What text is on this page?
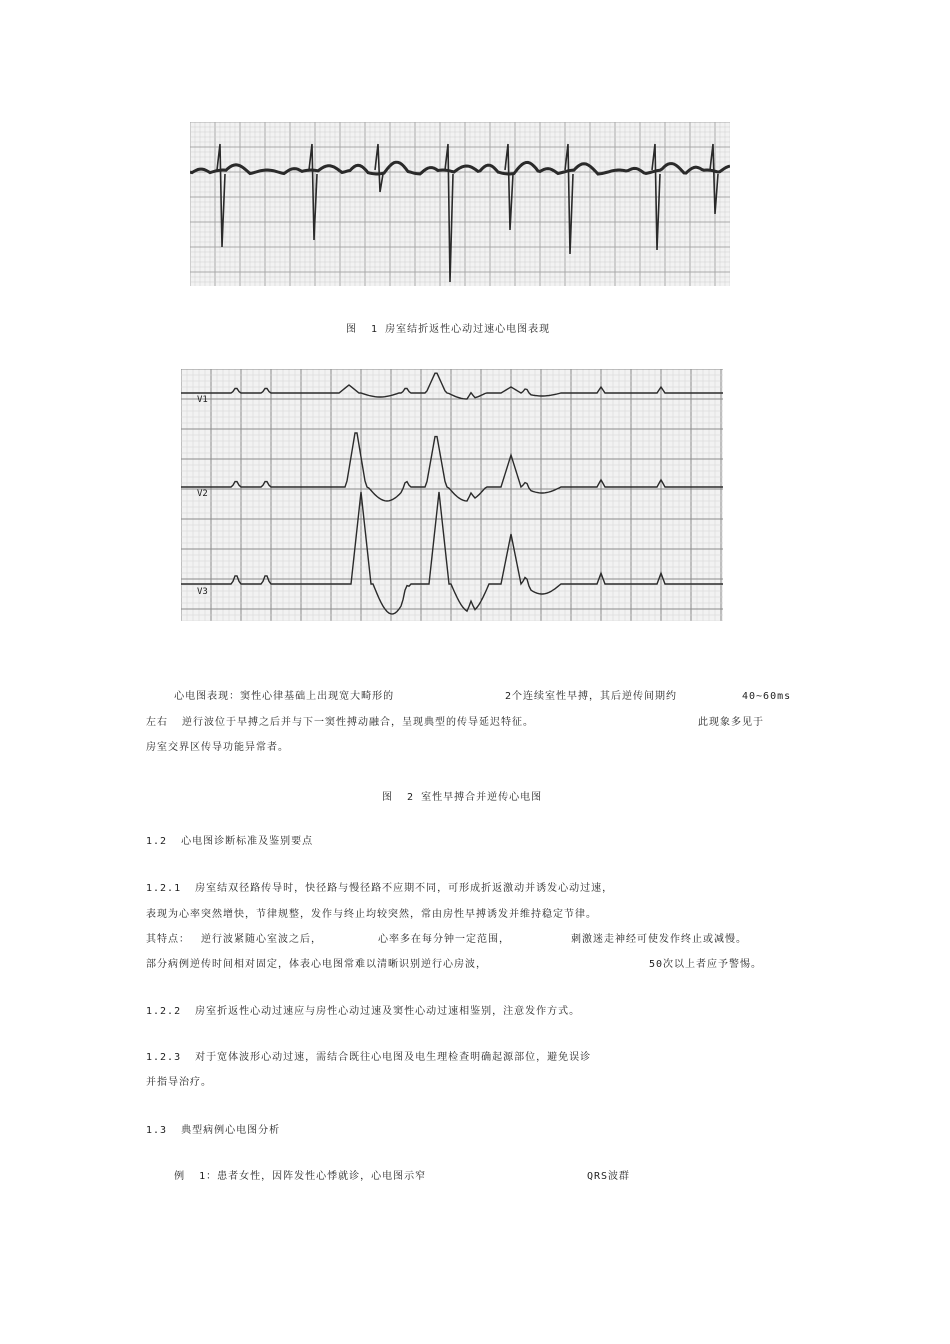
图  1 房室结折返性心动过速心电图表现
V1
V2
V3
心电图表现：窦性心律基础上出现宽大畸形的	2个连续室性早搏，其后逆传间期约	40~60ms
左右  逆行波位于早搏之后并与下一窦性搏动融合，呈现典型的传导延迟特征。	此现象多见于
房室交界区传导功能异常者。
图  2 室性早搏合并逆传心电图
1.2  心电图诊断标准及鉴别要点
1.2.1  房室结双径路传导时，快径路与慢径路不应期不同，可形成折返激动并诱发心动过速，
表现为心率突然增快，节律规整，发作与终止均较突然，常由房性早搏诱发并维持稳定节律。
其特点： 逆行波紧随心室波之后，	心率多在每分钟一定范围，	刺激迷走神经可使发作终止或减慢。
部分病例逆传时间相对固定，体表心电图常难以清晰识别逆行心房波，	50次以上者应予警惕。
1.2.2  房室折返性心动过速应与房性心动过速及窦性心动过速相鉴别，注意发作方式。
1.2.3  对于宽体波形心动过速，需结合既往心电图及电生理检查明确起源部位，避免误诊
并指导治疗。
1.3  典型病例心电图分析
例  1：患者女性，因阵发性心悸就诊，心电图示窄	QRS波群
